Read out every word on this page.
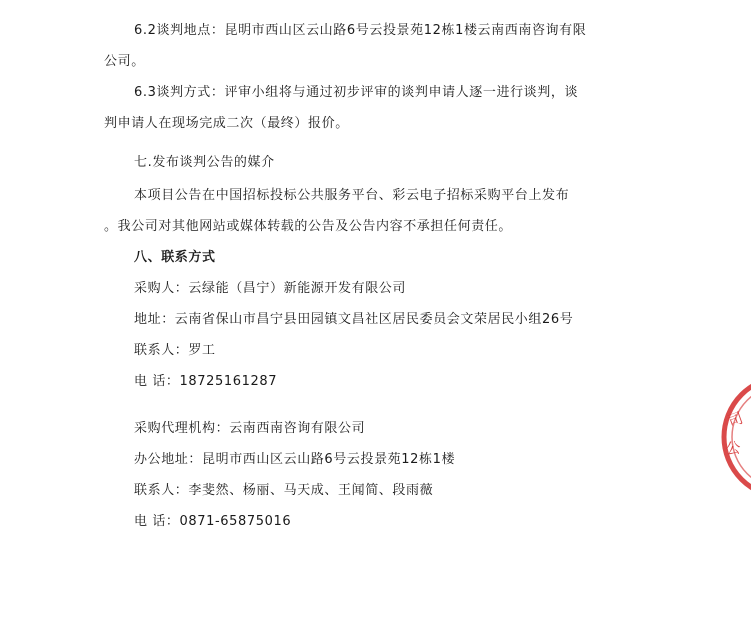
6.2谈判地点：昆明市西山区云山路6号云投景苑12栋1楼云南西南咨询有限
公司。
6.3谈判方式：评审小组将与通过初步评审的谈判申请人逐一进行谈判，谈
判申请人在现场完成二次（最终）报价。
七.发布谈判公告的媒介
本项目公告在中国招标投标公共服务平台、彩云电子招标采购平台上发布
。我公司对其他网站或媒体转载的公告及公告内容不承担任何责任。
八、联系方式
采购人：云绿能（昌宁）新能源开发有限公司
地址：云南省保山市昌宁县田园镇文昌社区居民委员会文荣居民小组26号
联系人：罗工
电 话：18725161287
采购代理机构：云南西南咨询有限公司
办公地址：昆明市西山区云山路6号云投景苑12栋1楼
联系人：李斐然、杨丽、马天成、王闻简、段雨薇
电 话：0871-65875016
司
公
